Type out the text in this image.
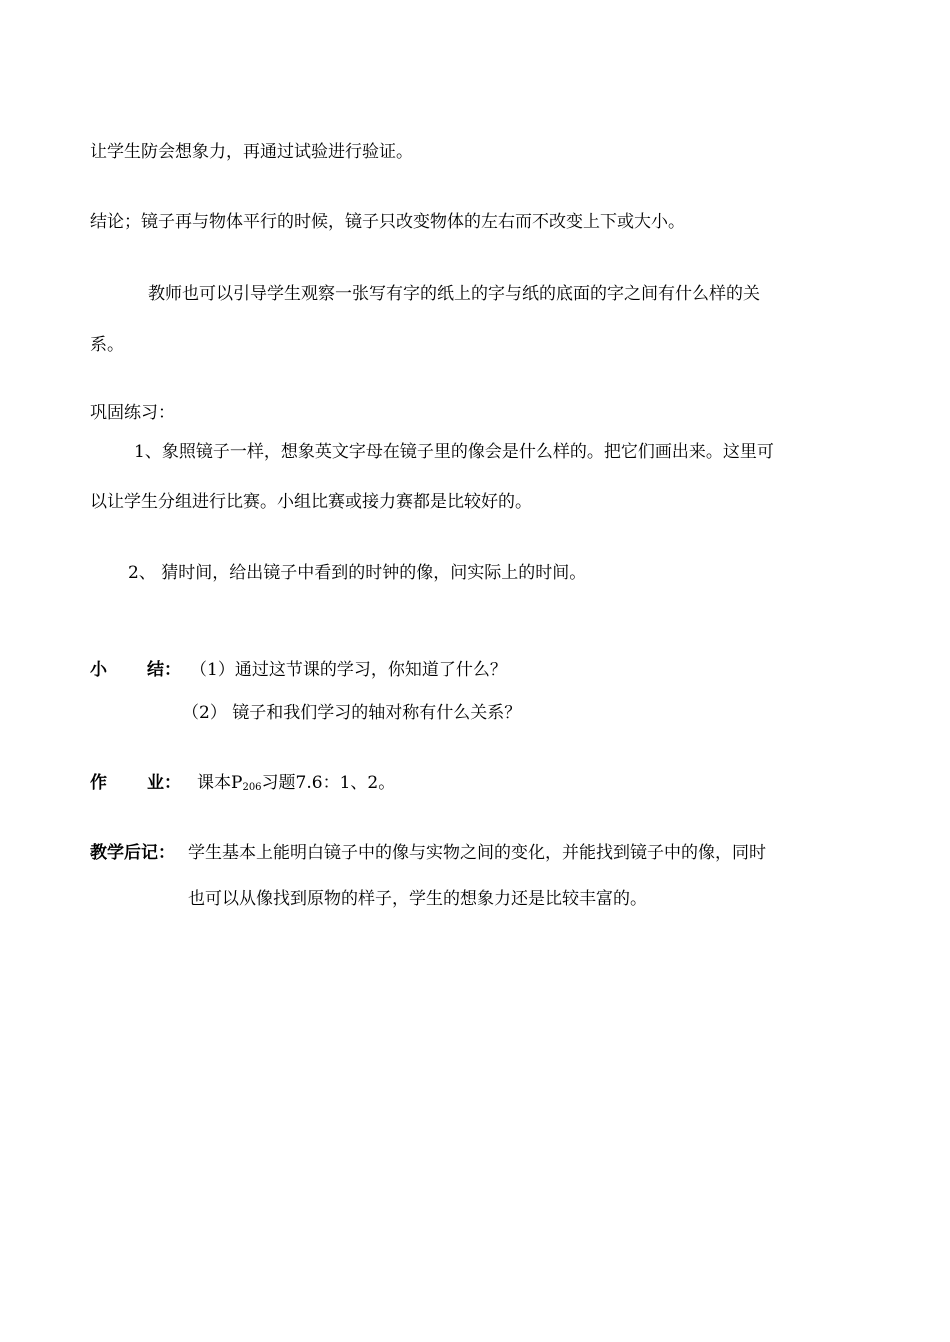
让学生防会想象力，再通过试验进行验证。
结论；镜子再与物体平行的时候，镜子只改变物体的左右而不改变上下或大小。
教师也可以引导学生观察一张写有字的纸上的字与纸的底面的字之间有什么样的关
系。
巩固练习：
1、象照镜子一样，想象英文字母在镜子里的像会是什么样的。把它们画出来。这里可
以让学生分组进行比赛。小组比赛或接力赛都是比较好的。
2、 猜时间，给出镜子中看到的时钟的像，问实际上的时间。
小 结： （1）通过这节课的学习，你知道了什么？
（2） 镜子和我们学习的轴对称有什么关系？
作 业： 课本$P_{206}$习题7.6：1、2。
教学后记： 学生基本上能明白镜子中的像与实物之间的变化，并能找到镜子中的像，同时
也可以从像找到原物的样子，学生的想象力还是比较丰富的。
